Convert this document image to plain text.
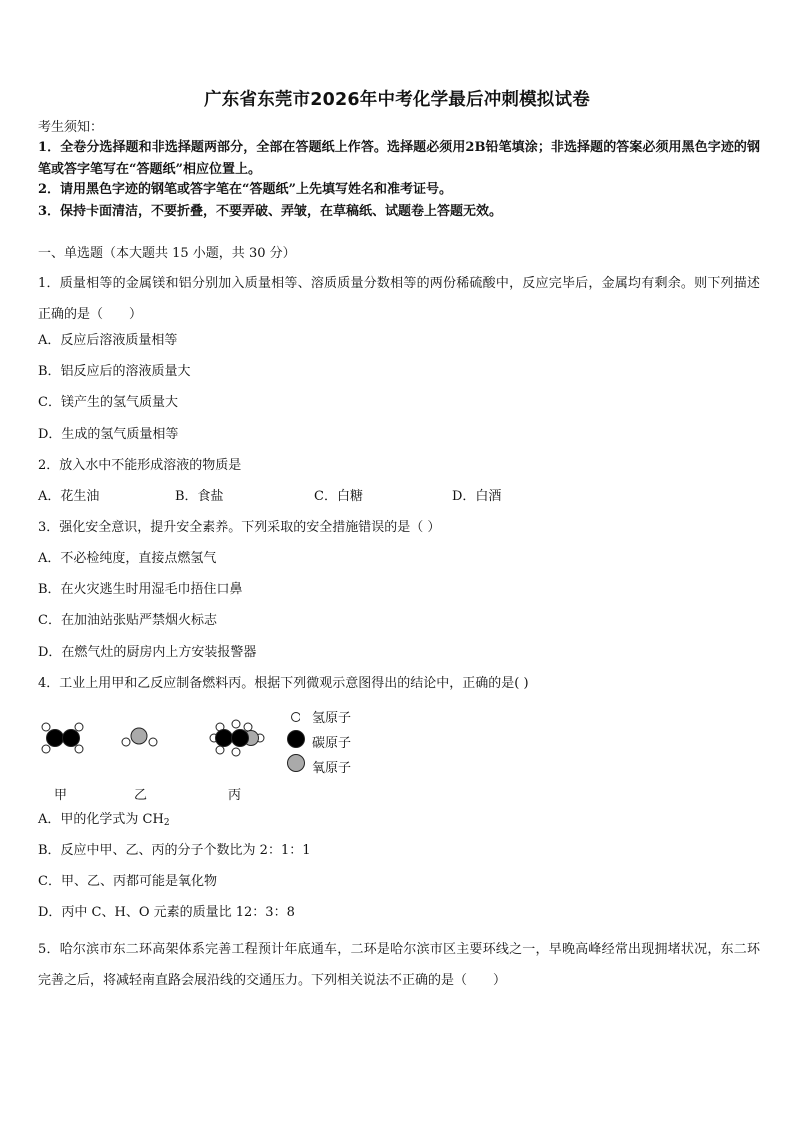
广东省东莞市2026年中考化学最后冲刺模拟试卷
考生须知：
1．全卷分选择题和非选择题两部分，全部在答题纸上作答。选择题必须用2B铅笔填涂；非选择题的答案必须用黑色字迹的钢笔或答字笔写在“答题纸”相应位置上。
2．请用黑色字迹的钢笔或答字笔在“答题纸”上先填写姓名和准考证号。
3．保持卡面清洁，不要折叠，不要弄破、弄皱，在草稿纸、试题卷上答题无效。
一、单选题（本大题共 15 小题，共 30 分）
1．质量相等的金属镁和铝分别加入质量相等、溶质质量分数相等的两份稀硫酸中，反应完毕后，金属均有剩余。则下列描述正确的是（　　）
A．反应后溶液质量相等
B．铝反应后的溶液质量大
C．镁产生的氢气质量大
D．生成的氢气质量相等
2．放入水中不能形成溶液的物质是
A．花生油	B．食盐	C．白糖	D．白酒
3．强化安全意识，提升安全素养。下列采取的安全措施错误的是（ ）
A．不必检纯度，直接点燃氢气
B．在火灾逃生时用湿毛巾捂住口鼻
C．在加油站张贴严禁烟火标志
D．在燃气灶的厨房内上方安装报警器
4．工业上用甲和乙反应制备燃料丙。根据下列微观示意图得出的结论中，正确的是( )
氢原子
碳原子
氧原子
甲	乙	丙
A．甲的化学式为 $CH_2$
B．反应中甲、乙、丙的分子个数比为 2：1：1
C．甲、乙、丙都可能是氧化物
D．丙中 C、H、O 元素的质量比 12：3：8
5．哈尔滨市东二环高架体系完善工程预计年底通车，二环是哈尔滨市区主要环线之一，早晚高峰经常出现拥堵状况，东二环完善之后，将减轻南直路会展沿线的交通压力。下列相关说法不正确的是（　　）
